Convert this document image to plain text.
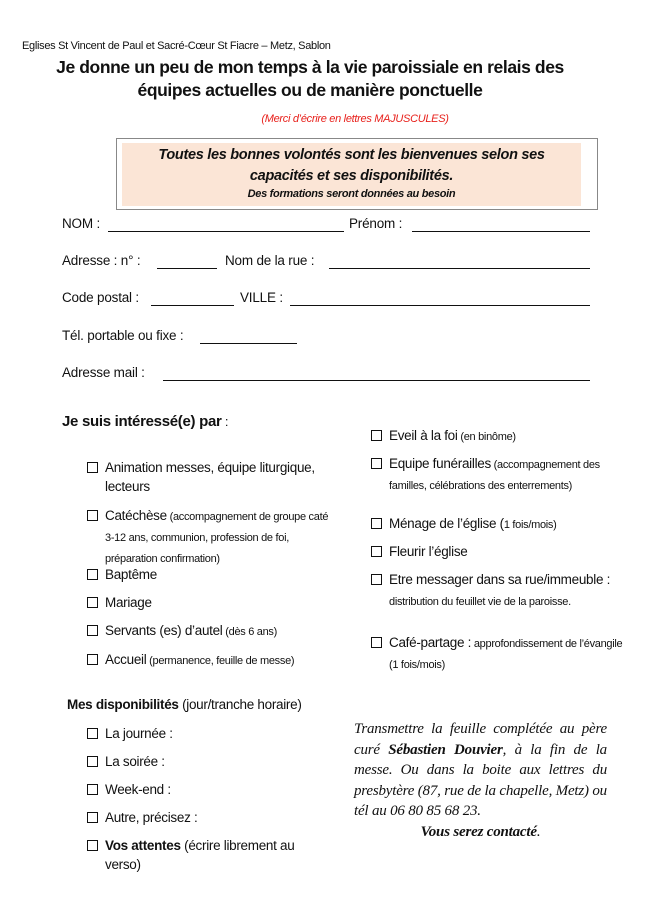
Eglises St Vincent de Paul et Sacré-Cœur St Fiacre – Metz, Sablon
Je donne un peu de mon temps à la vie paroissiale en relais des
équipes actuelles ou de manière ponctuelle
(Merci d’écrire en lettres MAJUSCULES)
Toutes les bonnes volontés sont les bienvenues selon ses
capacités et ses disponibilités.
Des formations seront données au besoin
NOM :	Prénom :
Adresse : n° :	Nom de la rue :
Code postal :	VILLE :
Tél. portable ou fixe :
Adresse mail :
Je suis intéressé(e) par :
Animation messes, équipe liturgique, lecteurs
Catéchèse (accompagnement de groupe caté 3-12 ans, communion, profession de foi, préparation confirmation)
Baptême
Mariage
Servants (es) d’autel (dès 6 ans)
Accueil (permanence, feuille de messe)
Eveil à la foi (en binôme)
Equipe funérailles (accompagnement des familles, célébrations des enterrements)
Ménage de l’église (1 fois/mois)
Fleurir l’église
Etre messager dans sa rue/immeuble : distribution du feuillet vie de la paroisse.
Café-partage : approfondissement de l’évangile (1 fois/mois)
Mes disponibilités (jour/tranche horaire)
La journée :
La soirée :
Week-end :
Autre, précisez :
Vos attentes (écrire librement au verso)
Transmettre la feuille complétée au père curé Sébastien Douvier, à la fin de la messe. Ou dans la boite aux lettres du presbytère (87, rue de la chapelle, Metz) ou tél au 06 80 85 68 23.
Vous serez contacté.
